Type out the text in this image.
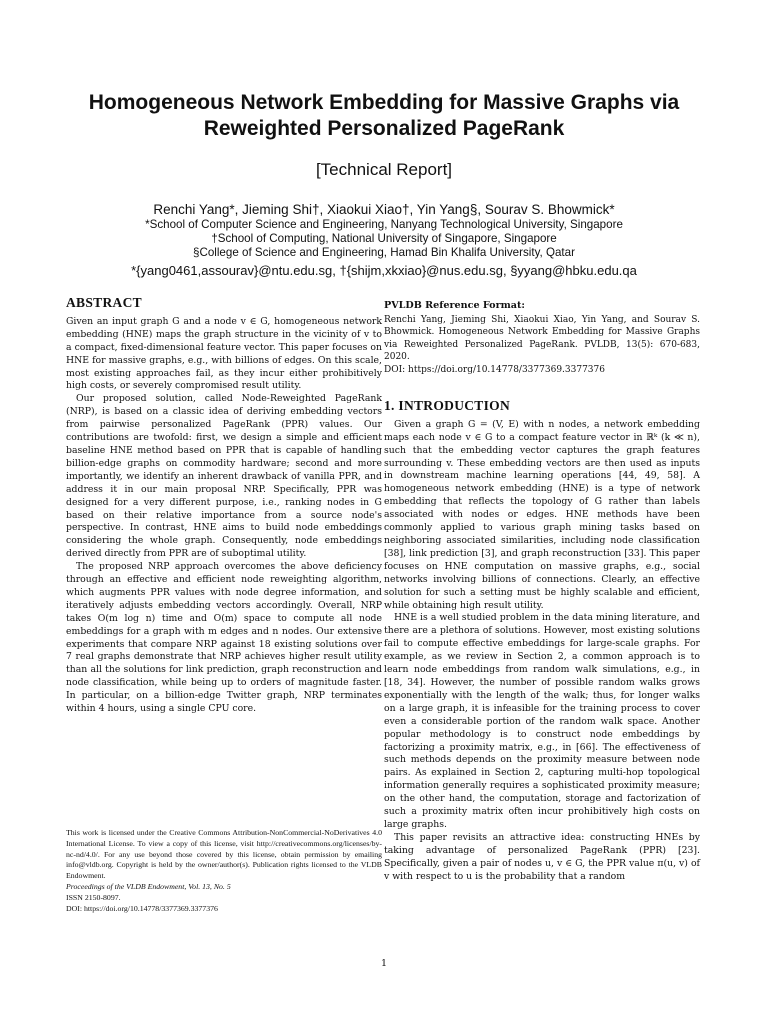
Homogeneous Network Embedding for Massive Graphs via Reweighted Personalized PageRank
[Technical Report]
Renchi Yang*, Jieming Shi†, Xiaokui Xiao†, Yin Yang§, Sourav S. Bhowmick*
*School of Computer Science and Engineering, Nanyang Technological University, Singapore
†School of Computing, National University of Singapore, Singapore
§College of Science and Engineering, Hamad Bin Khalifa University, Qatar
*{yang0461,assourav}@ntu.edu.sg, †{shijm,xkxiao}@nus.edu.sg, §yyang@hbku.edu.qa
ABSTRACT

Given an input graph G and a node v ∈ G, homogeneous network embedding (HNE) maps the graph structure in the vicinity of v to a compact, fixed-dimensional feature vector. This paper focuses on HNE for massive graphs, e.g., with billions of edges. On this scale, most existing approaches fail, as they incur either prohibitively high costs, or severely compromised result utility.

Our proposed solution, called Node-Reweighted PageRank (NRP), is based on a classic idea of deriving embedding vectors from pairwise personalized PageRank (PPR) values. Our contributions are twofold: first, we design a simple and efficient baseline HNE method based on PPR that is capable of handling billion-edge graphs on commodity hardware; second and more importantly, we identify an inherent drawback of vanilla PPR, and address it in our main proposal NRP. Specifically, PPR was designed for a very different purpose, i.e., ranking nodes in G based on their relative importance from a source node's perspective. In contrast, HNE aims to build node embeddings considering the whole graph. Consequently, node embeddings derived directly from PPR are of suboptimal utility.

The proposed NRP approach overcomes the above deficiency through an effective and efficient node reweighting algorithm, which augments PPR values with node degree information, and iteratively adjusts embedding vectors accordingly. Overall, NRP takes O(m log n) time and O(m) space to compute all node embeddings for a graph with m edges and n nodes. Our extensive experiments that compare NRP against 18 existing solutions over 7 real graphs demonstrate that NRP achieves higher result utility than all the solutions for link prediction, graph reconstruction and node classification, while being up to orders of magnitude faster. In particular, on a billion-edge Twitter graph, NRP terminates within 4 hours, using a single CPU core.

This work is licensed under the Creative Commons Attribution-NonCommercial-NoDerivatives 4.0 International License. To view a copy of this license, visit http://creativecommons.org/licenses/by-nc-nd/4.0/. For any use beyond those covered by this license, obtain permission by emailing info@vldb.org. Copyright is held by the owner/author(s). Publication rights licensed to the VLDB Endowment.

Proceedings of the VLDB Endowment, Vol. 13, No. 5

ISSN 2150-8097.

DOI: https://doi.org/10.14778/3377369.3377376

PVLDB Reference Format:

Renchi Yang, Jieming Shi, Xiaokui Xiao, Yin Yang, and Sourav S. Bhowmick. Homogeneous Network Embedding for Massive Graphs via Reweighted Personalized PageRank. PVLDB, 13(5): 670-683, 2020.

DOI: https://doi.org/10.14778/3377369.3377376

1. INTRODUCTION

Given a graph G = (V, E) with n nodes, a network embedding maps each node v ∈ G to a compact feature vector in ℝᵏ (k ≪ n), such that the embedding vector captures the graph features surrounding v. These embedding vectors are then used as inputs in downstream machine learning operations [44, 49, 58]. A homogeneous network embedding (HNE) is a type of network embedding that reflects the topology of G rather than labels associated with nodes or edges. HNE methods have been commonly applied to various graph mining tasks based on neighboring associated similarities, including node classification [38], link prediction [3], and graph reconstruction [33]. This paper focuses on HNE computation on massive graphs, e.g., social networks involving billions of connections. Clearly, an effective solution for such a setting must be highly scalable and efficient, while obtaining high result utility.

HNE is a well studied problem in the data mining literature, and there are a plethora of solutions. However, most existing solutions fail to compute effective embeddings for large-scale graphs. For example, as we review in Section 2, a common approach is to learn node embeddings from random walk simulations, e.g., in [18, 34]. However, the number of possible random walks grows exponentially with the length of the walk; thus, for longer walks on a large graph, it is infeasible for the training process to cover even a considerable portion of the random walk space. Another popular methodology is to construct node embeddings by factorizing a proximity matrix, e.g., in [66]. The effectiveness of such methods depends on the proximity measure between node pairs. As explained in Section 2, capturing multi-hop topological information generally requires a sophisticated proximity measure; on the other hand, the computation, storage and factorization of such a proximity matrix often incur prohibitively high costs on large graphs.

This paper revisits an attractive idea: constructing HNEs by taking advantage of personalized PageRank (PPR) [23]. Specifically, given a pair of nodes u, v ∈ G, the PPR value π(u, v) of v with respect to u is the probability that a random

1
